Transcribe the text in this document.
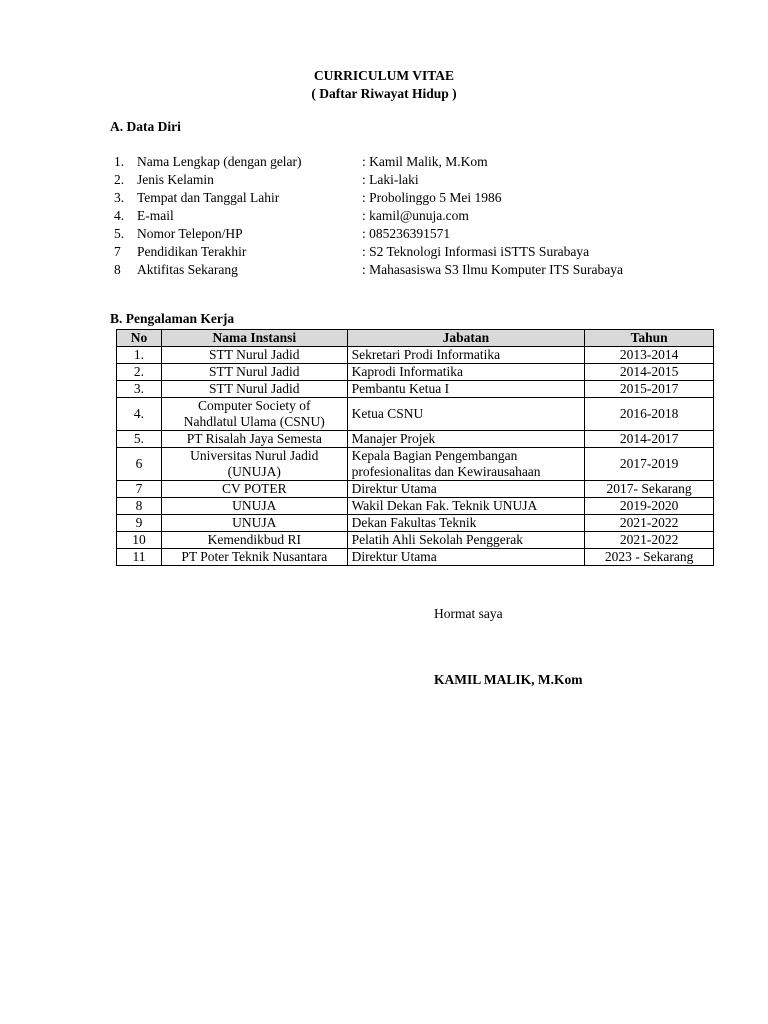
CURRICULUM VITAE
( Daftar Riwayat Hidup )
A. Data Diri
1. Nama Lengkap (dengan gelar)	: Kamil Malik, M.Kom
2. Jenis Kelamin	: Laki-laki
3. Tempat dan Tanggal Lahir	: Probolinggo 5 Mei 1986
4. E-mail	: kamil@unuja.com
5. Nomor Telepon/HP	: 085236391571
7 Pendidikan Terakhir	: S2 Teknologi Informasi iSTTS Surabaya
8 Aktifitas Sekarang	: Mahasasiswa S3 Ilmu Komputer ITS Surabaya
B. Pengalaman Kerja
No	Nama Instansi	Jabatan	Tahun
1.	STT Nurul Jadid	Sekretari Prodi Informatika	2013-2014
2.	STT Nurul Jadid	Kaprodi Informatika	2014-2015
3.	STT Nurul Jadid	Pembantu Ketua I	2015-2017
4.	Computer Society of
Nahdlatul Ulama (CSNU)	Ketua CSNU	2016-2018
5.	PT Risalah Jaya Semesta	Manajer Projek	2014-2017
6	Universitas Nurul Jadid
(UNUJA)	Kepala Bagian Pengembangan
profesionalitas dan Kewirausahaan	2017-2019
7	CV POTER	Direktur Utama	2017- Sekarang
8	UNUJA	Wakil Dekan Fak. Teknik UNUJA	2019-2020
9	UNUJA	Dekan Fakultas Teknik	2021-2022
10	Kemendikbud RI	Pelatih Ahli Sekolah Penggerak	2021-2022
11	PT Poter Teknik Nusantara	Direktur Utama	2023 - Sekarang
Hormat saya
KAMIL MALIK, M.Kom
